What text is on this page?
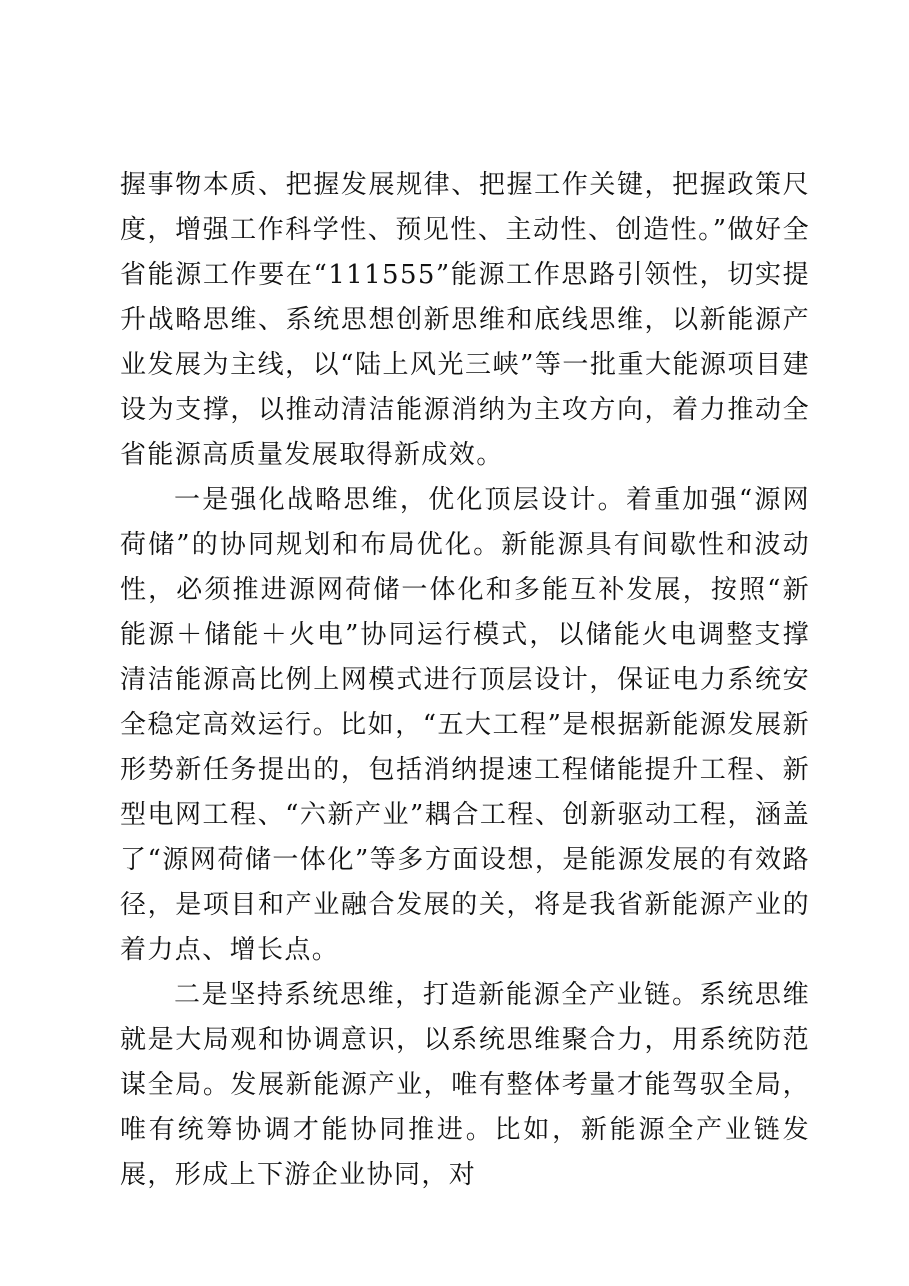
握事物本质、把握发展规律、把握工作关键，把握政策尺度，增强工作科学性、预见性、主动性、创造性。”做好全省能源工作要在“111555”能源工作思路引领性，切实提升战略思维、系统思想创新思维和底线思维，以新能源产业发展为主线，以“陆上风光三峡”等一批重大能源项目建设为支撑，以推动清洁能源消纳为主攻方向，着力推动全省能源高质量发展取得新成效。

一是强化战略思维，优化顶层设计。着重加强“源网荷储”的协同规划和布局优化。新能源具有间歇性和波动性，必须推进源网荷储一体化和多能互补发展，按照“新能源＋储能＋火电”协同运行模式，以储能火电调整支撑清洁能源高比例上网模式进行顶层设计，保证电力系统安全稳定高效运行。比如，“五大工程”是根据新能源发展新形势新任务提出的，包括消纳提速工程储能提升工程、新型电网工程、“六新产业”耦合工程、创新驱动工程，涵盖了“源网荷储一体化”等多方面设想，是能源发展的有效路径，是项目和产业融合发展的关，将是我省新能源产业的着力点、增长点。

二是坚持系统思维，打造新能源全产业链。系统思维就是大局观和协调意识，以系统思维聚合力，用系统防范谋全局。发展新能源产业，唯有整体考量才能驾驭全局，唯有统筹协调才能协同推进。比如，新能源全产业链发展，形成上下游企业协同，对
